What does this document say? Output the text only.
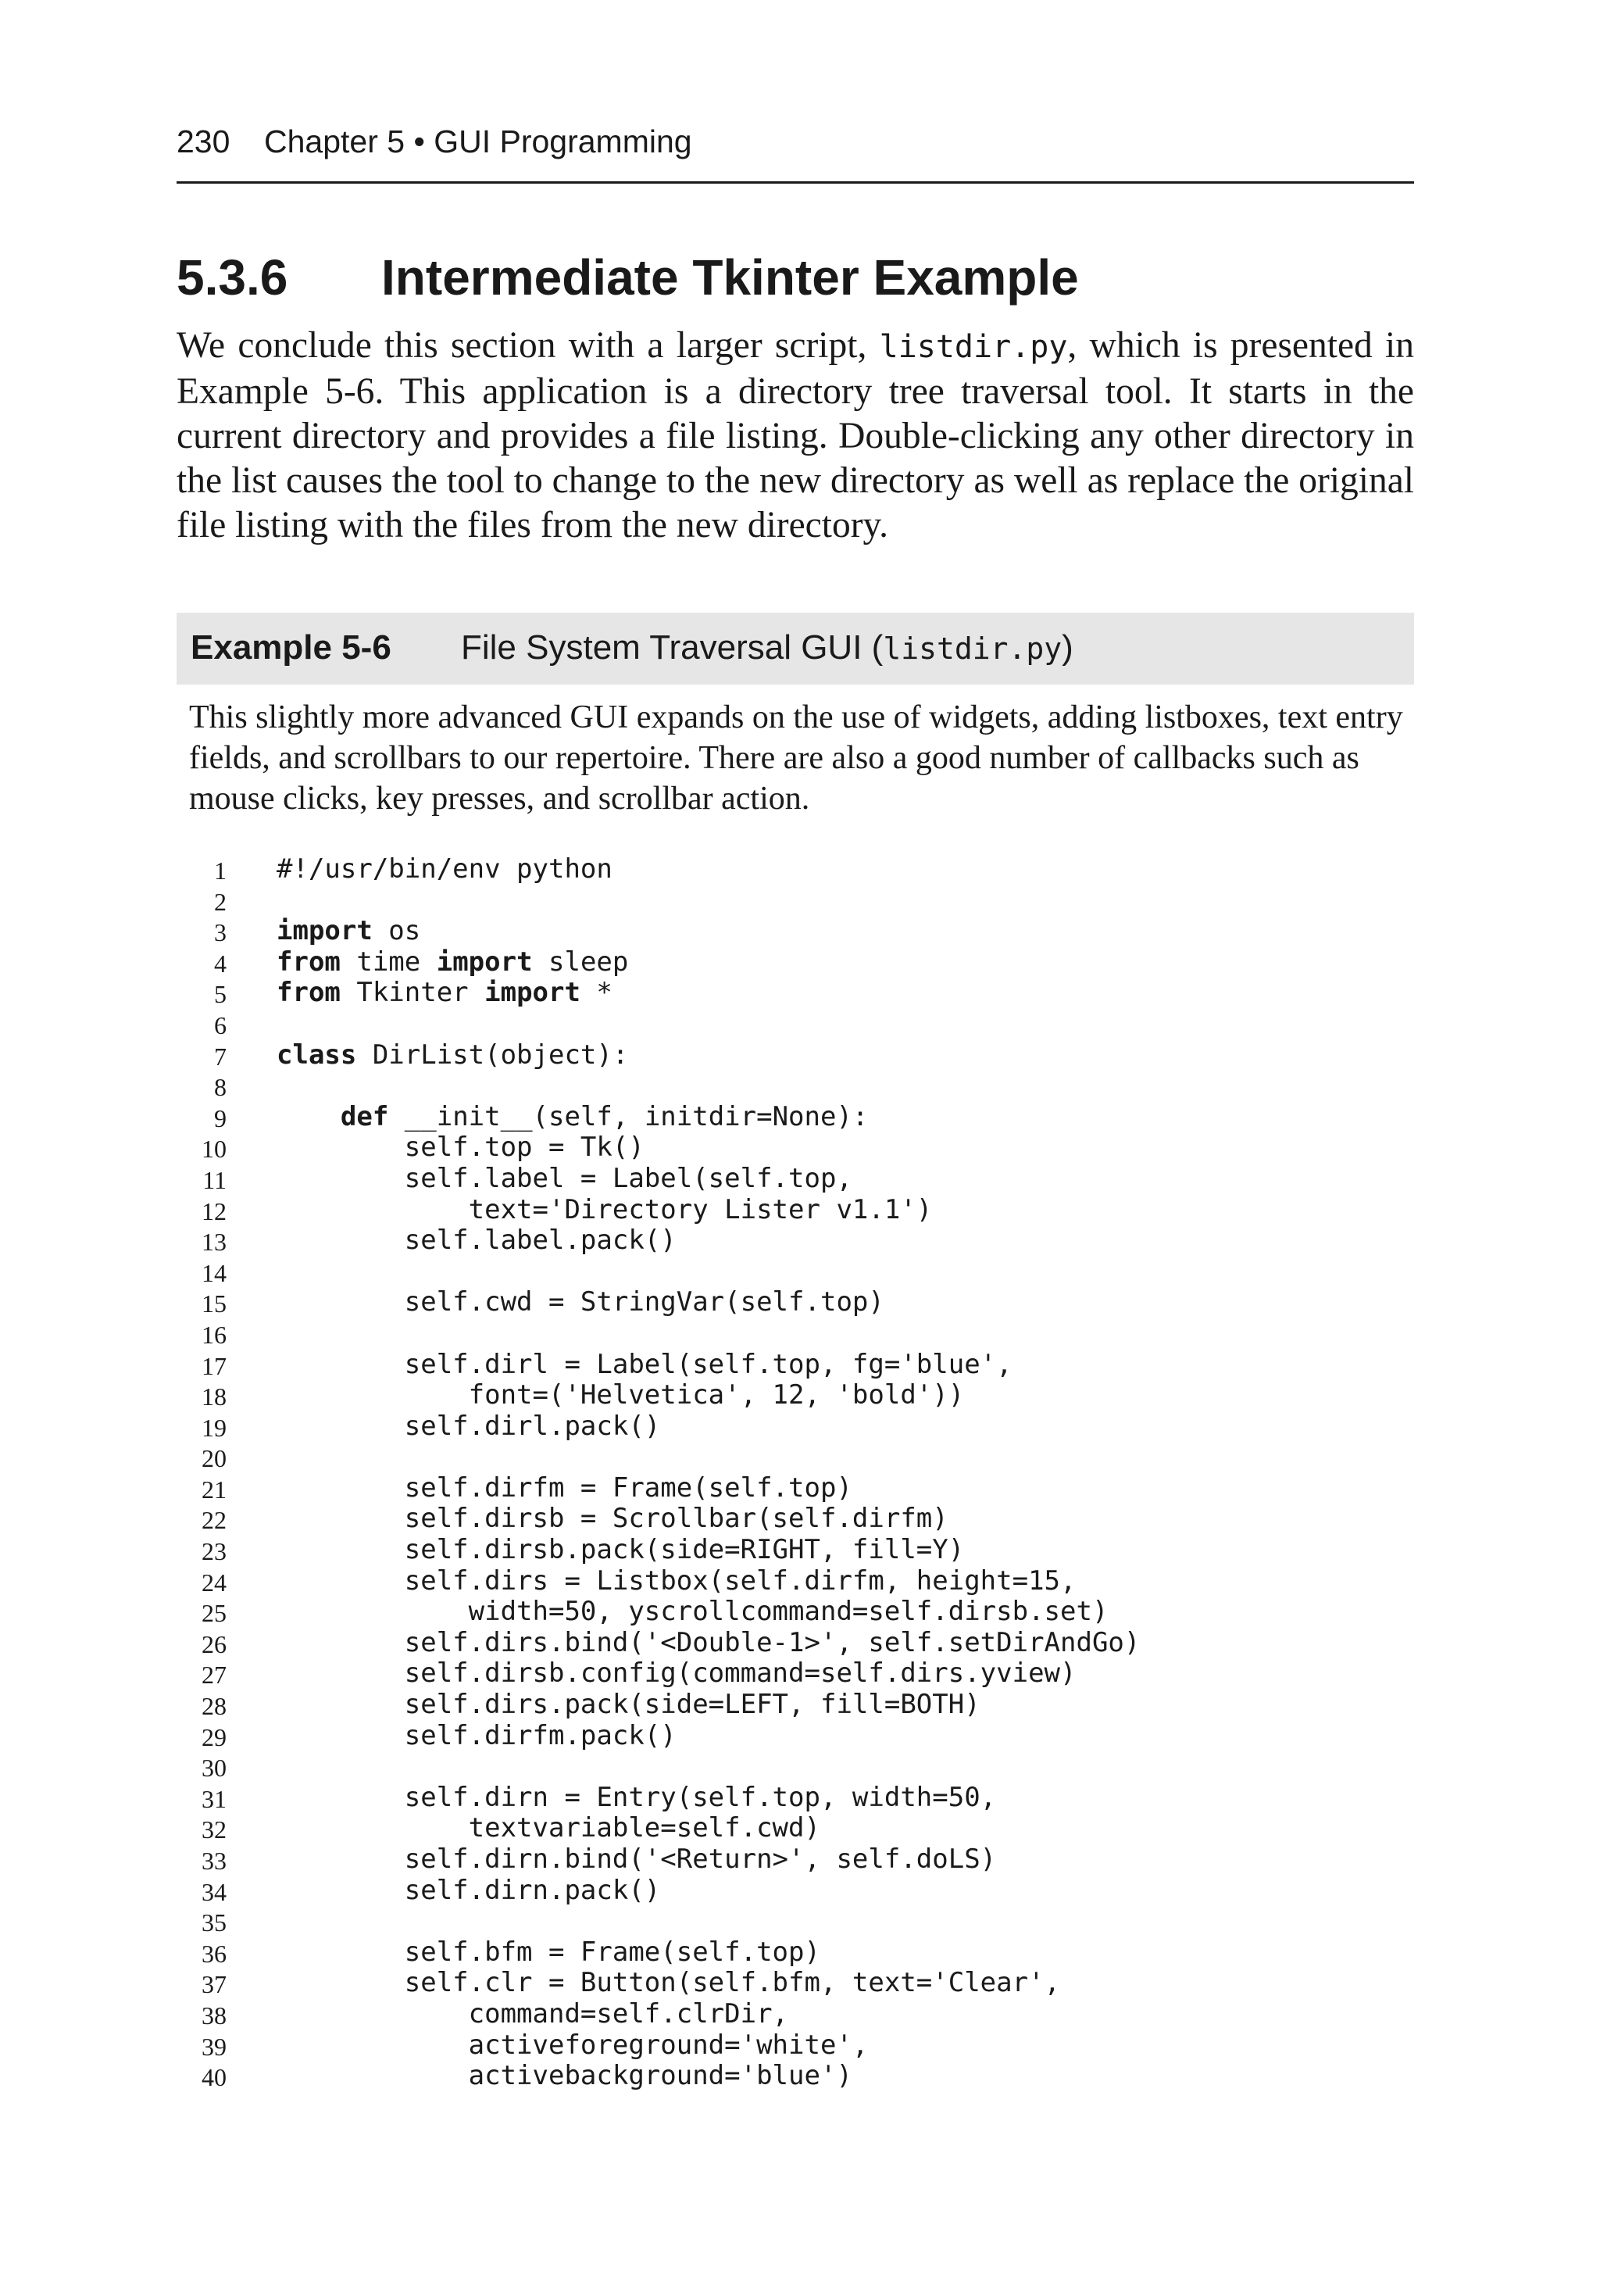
230 Chapter 5 • GUI Programming
5.3.6 Intermediate Tkinter Example

We conclude this section with a larger script, listdir.py, which is presented in Example 5-6. This application is a directory tree traversal tool. It starts in the current directory and provides a file listing. Double-clicking any other directory in the list causes the tool to change to the new directory as well as replace the original file listing with the files from the new directory.

Example 5-6 File System Traversal GUI (listdir.py)

This slightly more advanced GUI expands on the use of widgets, adding listboxes, text entry fields, and scrollbars to our repertoire. There are also a good number of callbacks such as mouse clicks, key presses, and scrollbar action.

1 #!/usr/bin/env python
2
3 import os
4 from time import sleep
5 from Tkinter import *
6
7 class DirList(object):
8
9	def __init__(self, initdir=None):
10 self.top = Tk()
11 self.label = Label(self.top,
12 text='Directory Lister v1.1')
13 self.label.pack()
14
15 self.cwd = StringVar(self.top)
16
17 self.dirl = Label(self.top, fg='blue',
18 font=('Helvetica', 12, 'bold'))
19 self.dirl.pack()
20
21 self.dirfm = Frame(self.top)
22 self.dirsb = Scrollbar(self.dirfm)
23 self.dirsb.pack(side=RIGHT, fill=Y)
24 self.dirs = Listbox(self.dirfm, height=15,
25 width=50, yscrollcommand=self.dirsb.set)
26 self.dirs.bind('<Double-1>', self.setDirAndGo)
27 self.dirsb.config(command=self.dirs.yview)
28 self.dirs.pack(side=LEFT, fill=BOTH)
29 self.dirfm.pack()
30
31 self.dirn = Entry(self.top, width=50,
32 textvariable=self.cwd)
33 self.dirn.bind('<Return>', self.doLS)
34 self.dirn.pack()
35
36 self.bfm = Frame(self.top)
37 self.clr = Button(self.bfm, text='Clear',
38 command=self.clrDir,
39 activeforeground='white',
40 activebackground='blue')
